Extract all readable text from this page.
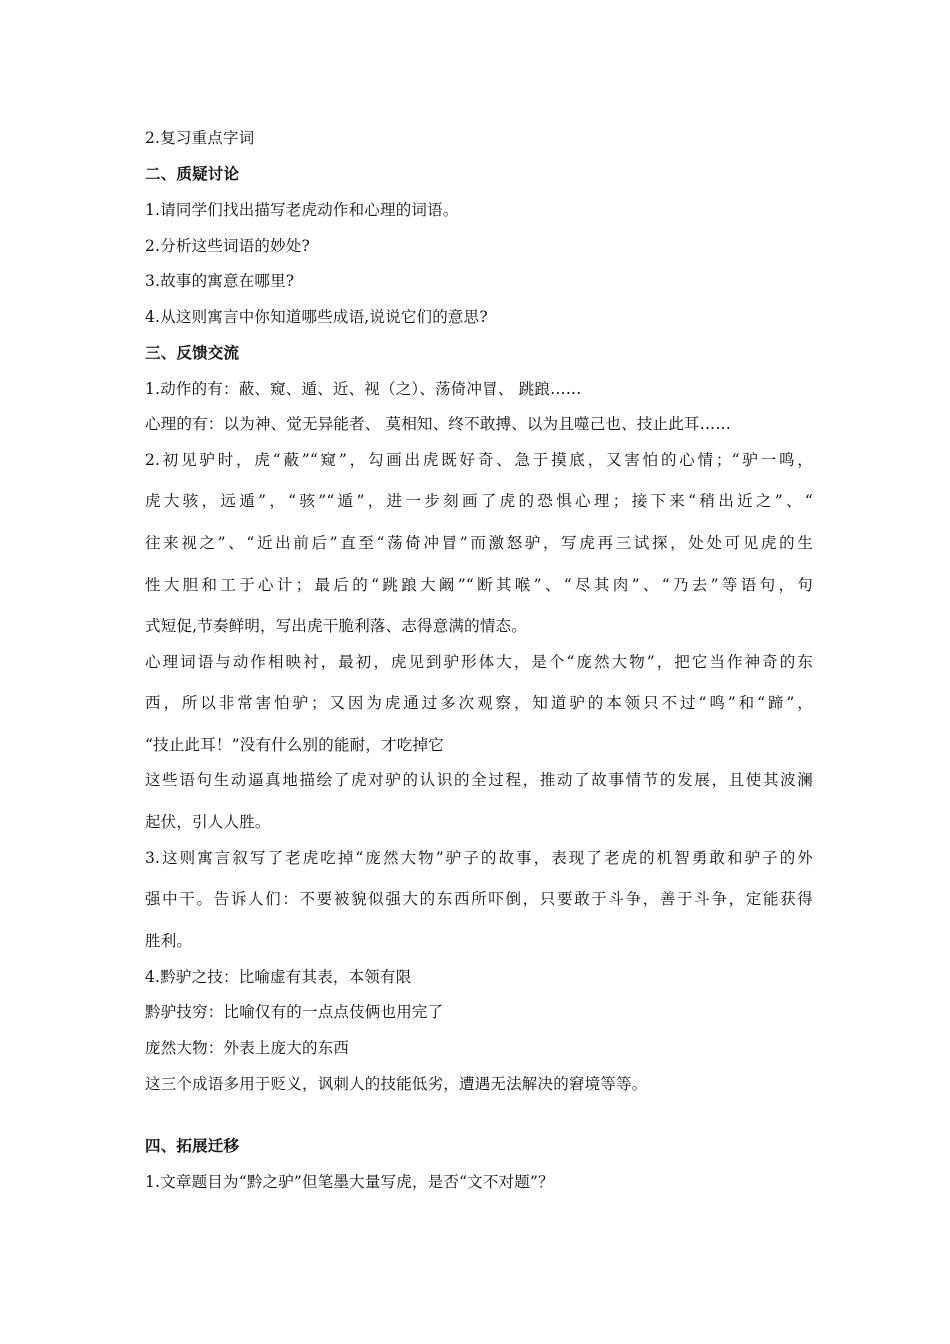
2.复习重点字词
二、质疑讨论
1.请同学们找出描写老虎动作和心理的词语。
2.分析这些词语的妙处?
3.故事的寓意在哪里?
4.从这则寓言中你知道哪些成语,说说它们的意思?
三、反馈交流
1.动作的有：蔽、窥、遁、近、视（之）、荡倚冲冒、 跳踉……
心理的有：以为神、觉无异能者、 莫相知、终不敢搏、以为且噬己也、技止此耳……
2.初见驴时，虎“蔽”“窥”，勾画出虎既好奇、急于摸底，又害怕的心情；“驴一鸣，
虎大骇，远遁”，“骇”“遁”，进一步刻画了虎的恐惧心理；接下来“稍出近之”、“
往来视之”、“近出前后”直至“荡倚冲冒”而激怒驴，写虎再三试探，处处可见虎的生
性大胆和工于心计；最后的“跳踉大阚”“断其喉”、“尽其肉”、“乃去”等语句，句
式短促,节奏鲜明，写出虎干脆利落、志得意满的情态。
心理词语与动作相映衬，最初，虎见到驴形体大，是个“庞然大物”，把它当作神奇的东
西，所以非常害怕驴；又因为虎通过多次观察，知道驴的本领只不过“鸣”和“蹄”，
“技止此耳！”没有什么别的能耐，才吃掉它
这些语句生动逼真地描绘了虎对驴的认识的全过程，推动了故事情节的发展，且使其波澜
起伏，引人人胜。
3.这则寓言叙写了老虎吃掉“庞然大物”驴子的故事，表现了老虎的机智勇敢和驴子的外
强中干。告诉人们：不要被貌似强大的东西所吓倒，只要敢于斗争，善于斗争，定能获得
胜利。
4.黔驴之技：比喻虚有其表，本领有限
黔驴技穷：比喻仅有的一点点伎俩也用完了
庞然大物：外表上庞大的东西
这三个成语多用于贬义，讽刺人的技能低劣，遭遇无法解决的窘境等等。
四、拓展迁移
1.文章题目为“黔之驴”但笔墨大量写虎，是否“文不对题”？
